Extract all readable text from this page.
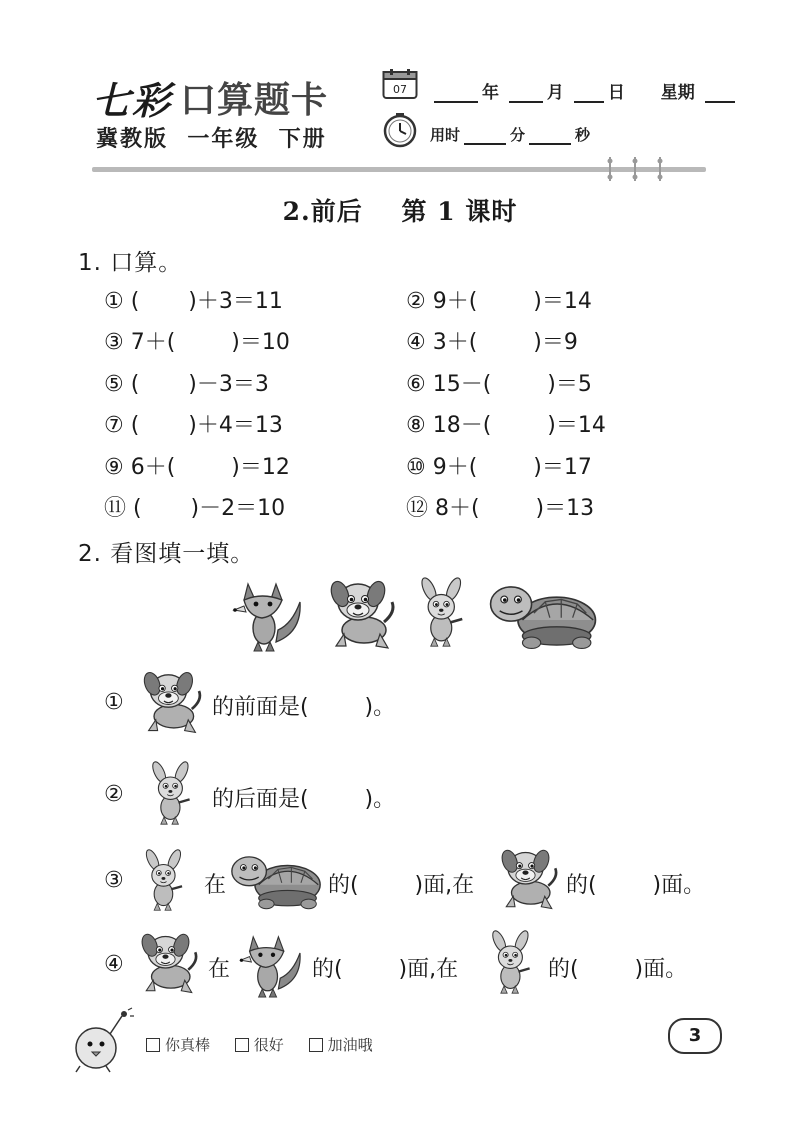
七彩 口算题卡
冀教版  一年级  下册
07	年	月	日 星期
用时	分	秒
2.前后    第 1 课时
1. 口算。
① (       )＋3＝11	② 9＋(        )＝14
③ 7＋(        )＝10	④ 3＋(        )＝9
⑤ (       )－3＝3	⑥ 15－(        )＝5
⑦ (       )＋4＝13	⑧ 18－(        )＝14
⑨ 6＋(        )＝12	⑩ 9＋(        )＝17
⑪ (       )－2＝10	⑫ 8＋(        )＝13
2. 看图填一填。
①	的前面是(        )。
②	的后面是(        )。
③	在	的(        )面,在	的(        )面。
④	在	的(        )面,在	的(        )面。
你真棒
	很好
	加油哦	3
